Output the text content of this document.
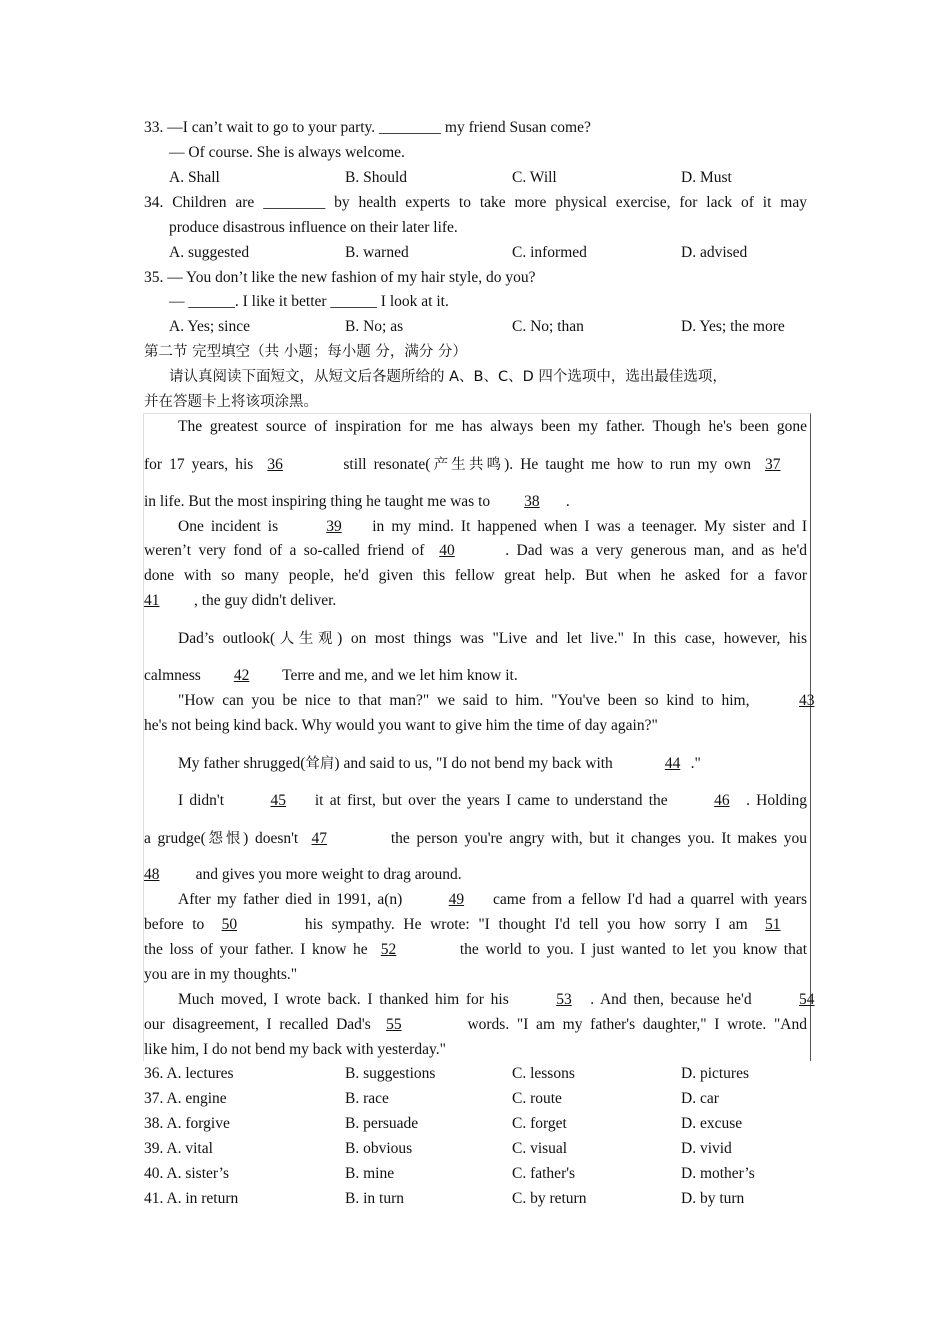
33. —I can’t wait to go to your party. ________ my friend Susan come?
— Of course. She is always welcome.
A. Shall	B. Should	C. Will	D. Must
34. Children are ________ by health experts to take more physical exercise, for lack of it may
produce disastrous influence on their later life.
A. suggested	B. warned	C. informed	D. advised
35. — You don’t like the new fashion of my hair style, do you?
— ______. I like it better ______ I look at it.
A. Yes; since	B. No; as	C. No; than	D. Yes; the more
第二节 完型填空（共 小题；每小题 分，满分 分）
请认真阅读下面短文，从短文后各题所给的 A、B、C、D 四个选项中，选出最佳选项，
并在答题卡上将该项涂黑。
The greatest source of inspiration for me has always been my father. Though he's been gone
for 17 years, his 36	still resonate(产生共鸣). He taught me how to run my own 37
in life. But the most inspiring thing he taught me was to 38 .
One incident is	39 in my mind. It happened when I was a teenager. My sister and I
weren’t very fond of a so-called friend of 40	. Dad was a very generous man, and as he'd
done with so many people, he'd given this fellow great help. But when he asked for a favor
41 , the guy didn't deliver.
Dad’s outlook(人生观) on most things was "Live and let live." In this case, however, his
calmness 42 Terre and me, and we let him know it.
"How can you be nice to that man?" we said to him. "You've been so kind to him,	43
he's not being kind back. Why would you want to give him the time of day again?"
My father shrugged(耸肩) and said to us, "I do not bend my back with	44 ."
I didn't	45 it at first, but over the years I came to understand the	46 . Holding
a grudge(怨恨) doesn't 47	the person you're angry with, but it changes you. It makes you
48 and gives you more weight to drag around.
After my father died in 1991, a(n)	49 came from a fellow I'd had a quarrel with years
before to 50	his sympathy. He wrote: "I thought I'd tell you how sorry I am 51
the loss of your father. I know he 52	the world to you. I just wanted to let you know that
you are in my thoughts."
Much moved, I wrote back. I thanked him for his	53 . And then, because he'd	54
our disagreement, I recalled Dad's 55	words. "I am my father's daughter," I wrote. "And
like him, I do not bend my back with yesterday."
36. A. lectures	B. suggestions	C. lessons	D. pictures
37. A. engine	B. race	C. route	D. car
38. A. forgive	B. persuade	C. forget	D. excuse
39. A. vital	B. obvious	C. visual	D. vivid
40. A. sister’s	B. mine	C. father's	D. mother’s
41. A. in return	B. in turn	C. by return	D. by turn
